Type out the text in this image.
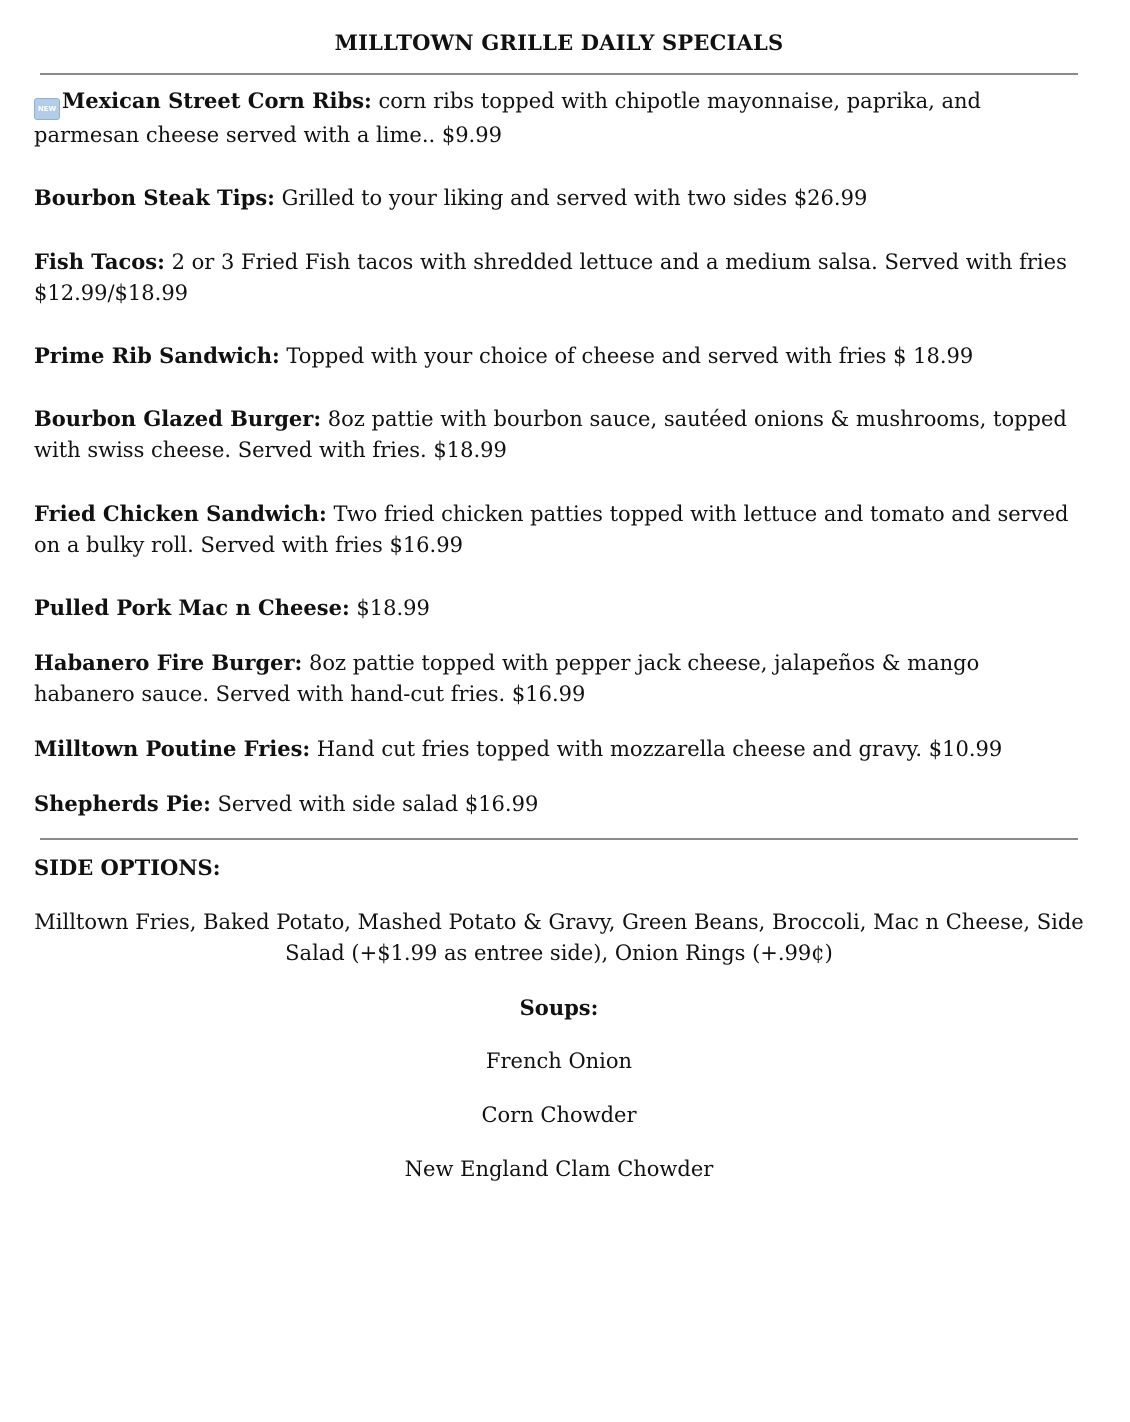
MILLTOWN GRILLE DAILY SPECIALS

NEW Mexican Street Corn Ribs: corn ribs topped with chipotle mayonnaise, paprika, and parmesan cheese served with a lime.. $9.99

Bourbon Steak Tips: Grilled to your liking and served with two sides $26.99

Fish Tacos: 2 or 3 Fried Fish tacos with shredded lettuce and a medium salsa. Served with fries $12.99/$18.99

Prime Rib Sandwich: Topped with your choice of cheese and served with fries $ 18.99

Bourbon Glazed Burger: 8oz pattie with bourbon sauce, sautéed onions & mushrooms, topped with swiss cheese. Served with fries. $18.99

Fried Chicken Sandwich: Two fried chicken patties topped with lettuce and tomato and served on a bulky roll. Served with fries $16.99

Pulled Pork Mac n Cheese: $18.99

Habanero Fire Burger: 8oz pattie topped with pepper jack cheese, jalapeños & mango habanero sauce. Served with hand-cut fries. $16.99

Milltown Poutine Fries: Hand cut fries topped with mozzarella cheese and gravy. $10.99

Shepherds Pie: Served with side salad $16.99

SIDE OPTIONS:
Milltown Fries, Baked Potato, Mashed Potato & Gravy, Green Beans, Broccoli, Mac n Cheese, Side Salad (+$1.99 as entree side), Onion Rings (+.99¢)
Soups:
French Onion
Corn Chowder
New England Clam Chowder
